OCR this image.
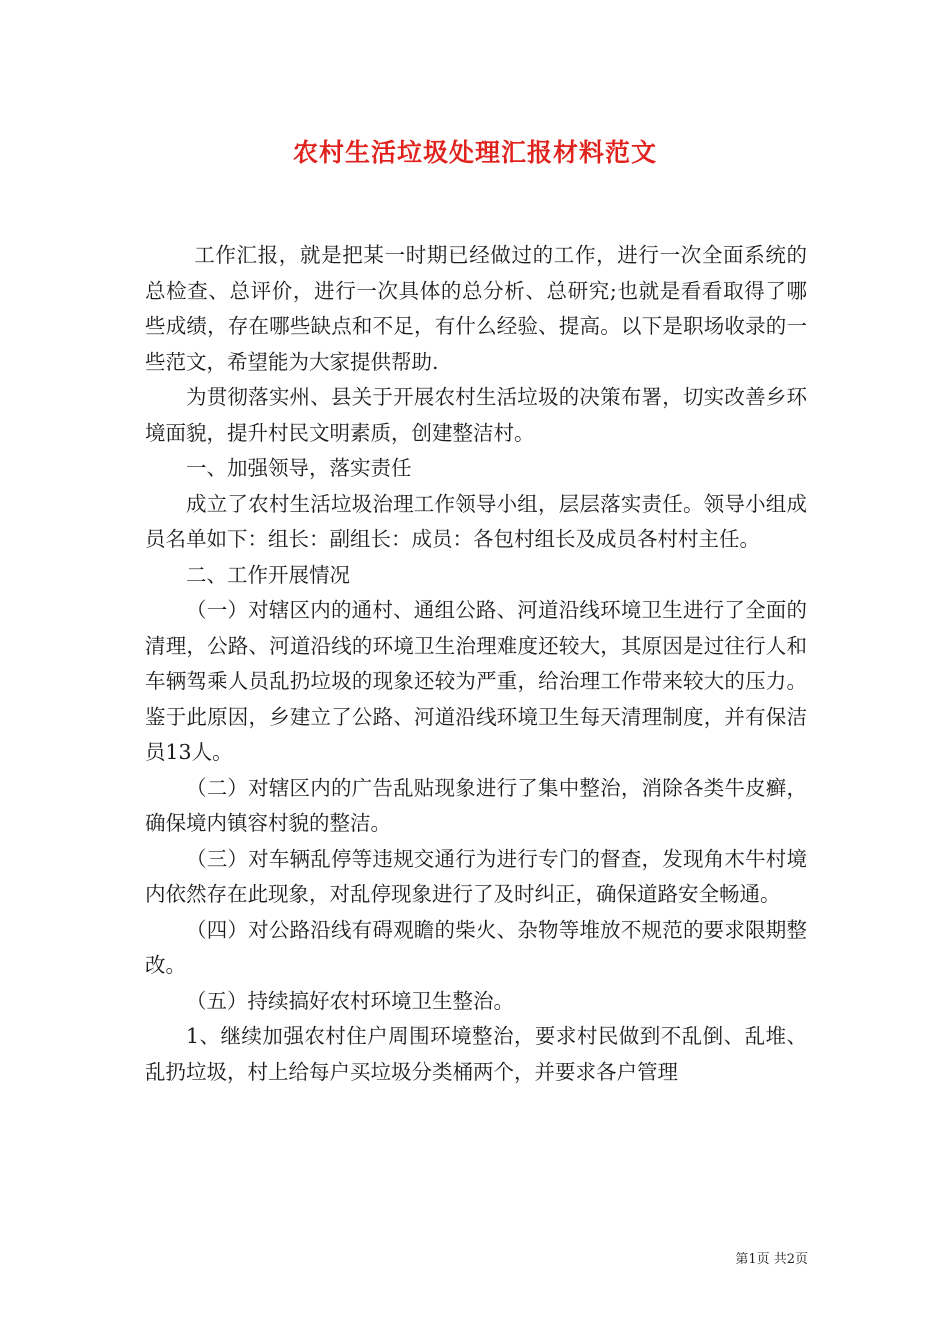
农村生活垃圾处理汇报材料范文

工作汇报，就是把某一时期已经做过的工作，进行一次全面系统的总检查、总评价，进行一次具体的总分析、总研究;也就是看看取得了哪些成绩，存在哪些缺点和不足，有什么经验、提高。以下是职场收录的一些范文，希望能为大家提供帮助.

为贯彻落实州、县关于开展农村生活垃圾的决策布署，切实改善乡环境面貌，提升村民文明素质，创建整洁村。

一、加强领导，落实责任

成立了农村生活垃圾治理工作领导小组，层层落实责任。领导小组成员名单如下：组长：副组长：成员：各包村组长及成员各村村主任。

二、工作开展情况

（一）对辖区内的通村、通组公路、河道沿线环境卫生进行了全面的清理，公路、河道沿线的环境卫生治理难度还较大，其原因是过往行人和车辆驾乘人员乱扔垃圾的现象还较为严重，给治理工作带来较大的压力。鉴于此原因，乡建立了公路、河道沿线环境卫生每天清理制度，并有保洁员13人。

（二）对辖区内的广告乱贴现象进行了集中整治，消除各类牛皮癣，确保境内镇容村貌的整洁。

（三）对车辆乱停等违规交通行为进行专门的督查，发现角木牛村境内依然存在此现象，对乱停现象进行了及时纠正，确保道路安全畅通。

（四）对公路沿线有碍观瞻的柴火、杂物等堆放不规范的要求限期整改。

（五）持续搞好农村环境卫生整治。

1、继续加强农村住户周围环境整治，要求村民做到不乱倒、乱堆、乱扔垃圾，村上给每户买垃圾分类桶两个，并要求各户管理

第1页 共2页
